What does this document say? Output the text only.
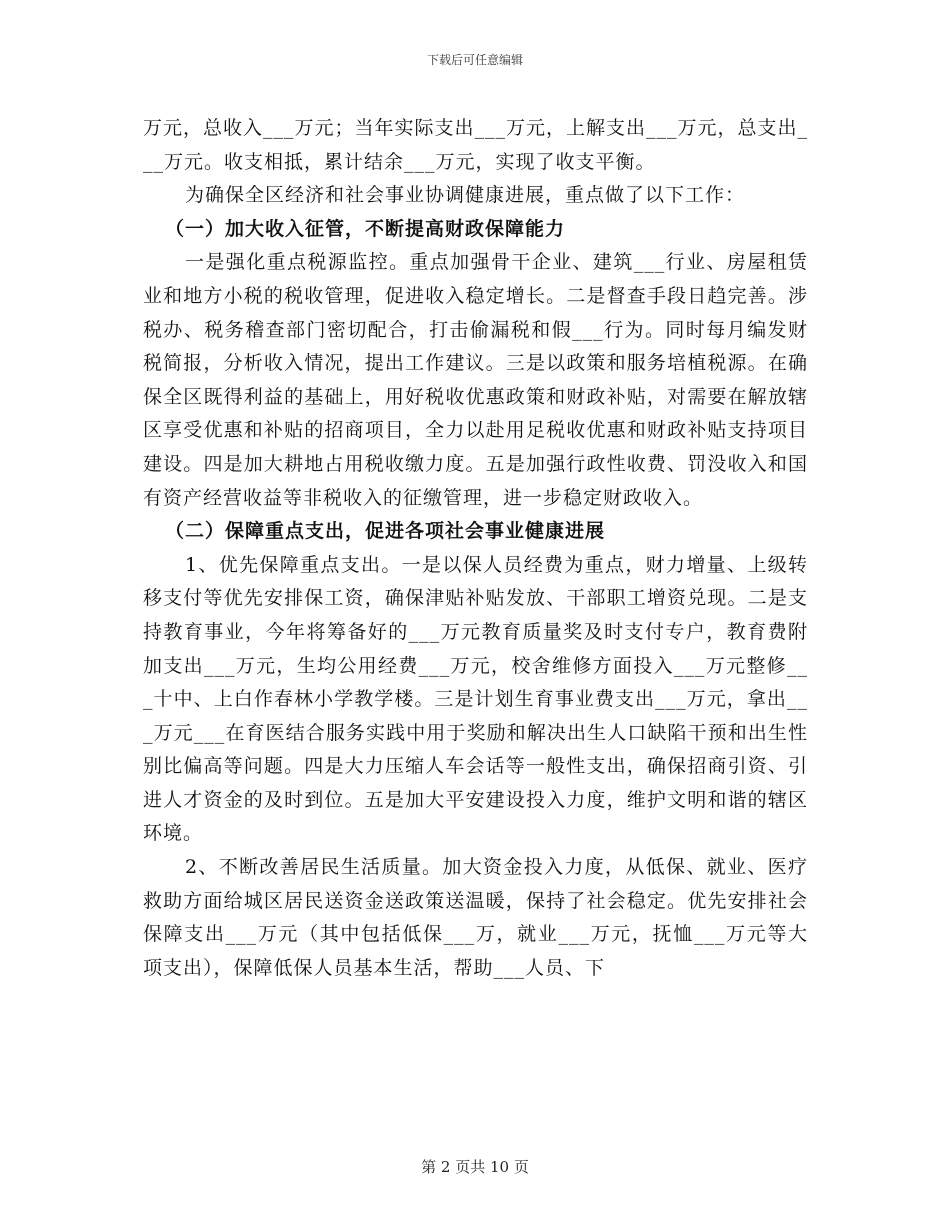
下载后可任意编辑

万元，总收入___万元；当年实际支出___万元，上解支出___万元，总支出___万元。收支相抵，累计结余___万元，实现了收支平衡。

为确保全区经济和社会事业协调健康进展，重点做了以下工作：

（一）加大收入征管，不断提高财政保障能力

一是强化重点税源监控。重点加强骨干企业、建筑___行业、房屋租赁业和地方小税的税收管理，促进收入稳定增长。二是督查手段日趋完善。涉税办、税务稽查部门密切配合，打击偷漏税和假___行为。同时每月编发财税简报，分析收入情况，提出工作建议。三是以政策和服务培植税源。在确保全区既得利益的基础上，用好税收优惠政策和财政补贴，对需要在解放辖区享受优惠和补贴的招商项目，全力以赴用足税收优惠和财政补贴支持项目建设。四是加大耕地占用税收缴力度。五是加强行政性收费、罚没收入和国有资产经营收益等非税收入的征缴管理，进一步稳定财政收入。

（二）保障重点支出，促进各项社会事业健康进展

1、优先保障重点支出。一是以保人员经费为重点，财力增量、上级转移支付等优先安排保工资，确保津贴补贴发放、干部职工增资兑现。二是支持教育事业，今年将筹备好的___万元教育质量奖及时支付专户，教育费附加支出___万元，生均公用经费___万元，校舍维修方面投入___万元整修___十中、上白作春林小学教学楼。三是计划生育事业费支出___万元，拿出___万元___在育医结合服务实践中用于奖励和解决出生人口缺陷干预和出生性别比偏高等问题。四是大力压缩人车会话等一般性支出，确保招商引资、引进人才资金的及时到位。五是加大平安建设投入力度，维护文明和谐的辖区环境。

2、不断改善居民生活质量。加大资金投入力度，从低保、就业、医疗救助方面给城区居民送资金送政策送温暖，保持了社会稳定。优先安排社会保障支出___万元（其中包括低保___万，就业___万元，抚恤___万元等大项支出），保障低保人员基本生活，帮助___人员、下

第 2 页共 10 页
